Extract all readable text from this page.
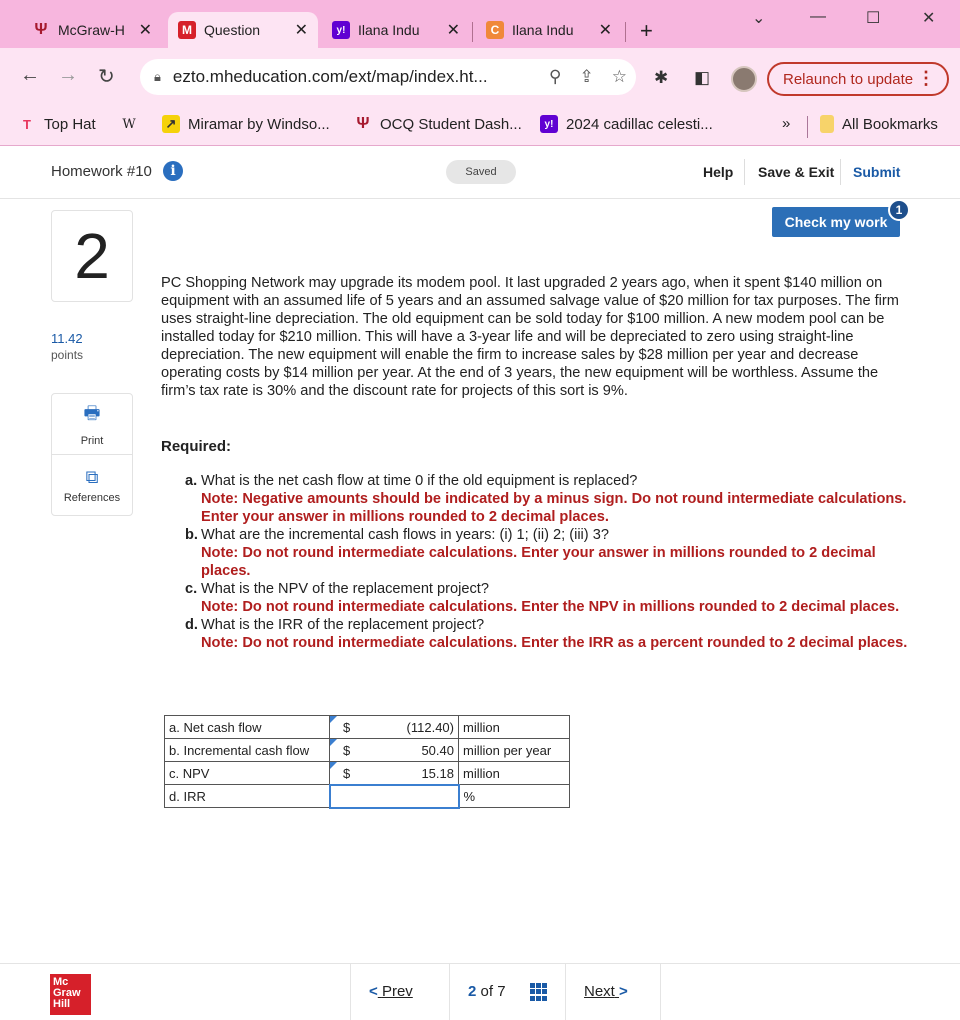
Ψ McGraw-H ✕	M Question	✕	y! Ilana Indu	✕	C Ilana Indu	✕ +	⌄	—	☐	✕
← → ↻	🔒︎ ezto.mheducation.com/ext/map/index.ht...	⚲ ⇪ ☆ ✱ ◧	Relaunch to update ⋮
T Top Hat W ↗ Miramar by Windso... Ψ OCQ Student Dash...	y! 2024 cadillac celesti...	»	All Bookmarks
Homework #10	i	Saved	Help Save & Exit Submit
2
11.42
points
🖶︎
Print
⧉
References
Check my work
1
PC Shopping Network may upgrade its modem pool. It last upgraded 2 years ago, when it spent $140 million on equipment with an assumed life of 5 years and an assumed salvage value of $20 million for tax purposes. The firm uses straight-line depreciation. The old equipment can be sold today for $100 million. A new modem pool can be installed today for $210 million. This will have a 3-year life and will be depreciated to zero using straight-line depreciation. The new equipment will enable the firm to increase sales by $28 million per year and decrease operating costs by $14 million per year. At the end of 3 years, the new equipment will be worthless. Assume the firm’s tax rate is 30% and the discount rate for projects of this sort is 9%.
Required:
a. What is the net cash flow at time 0 if the old equipment is replaced?
Note: Negative amounts should be indicated by a minus sign. Do not round intermediate calculations. Enter your answer in millions rounded to 2 decimal places.
b. What are the incremental cash flows in years: (i) 1; (ii) 2; (iii) 3?
Note: Do not round intermediate calculations. Enter your answer in millions rounded to 2 decimal places.
c. What is the NPV of the replacement project?
Note: Do not round intermediate calculations. Enter the NPV in millions rounded to 2 decimal places.
d. What is the IRR of the replacement project?
Note: Do not round intermediate calculations. Enter the IRR as a percent rounded to 2 decimal places.
a. Net cash flow	$ (112.40)	million
b. Incremental cash flow	$ 50.40	million per year
c. NPV	$ 15.18	million
d. IRR		%
Mc Graw Hill
< Prev	2 of 7	Next >
